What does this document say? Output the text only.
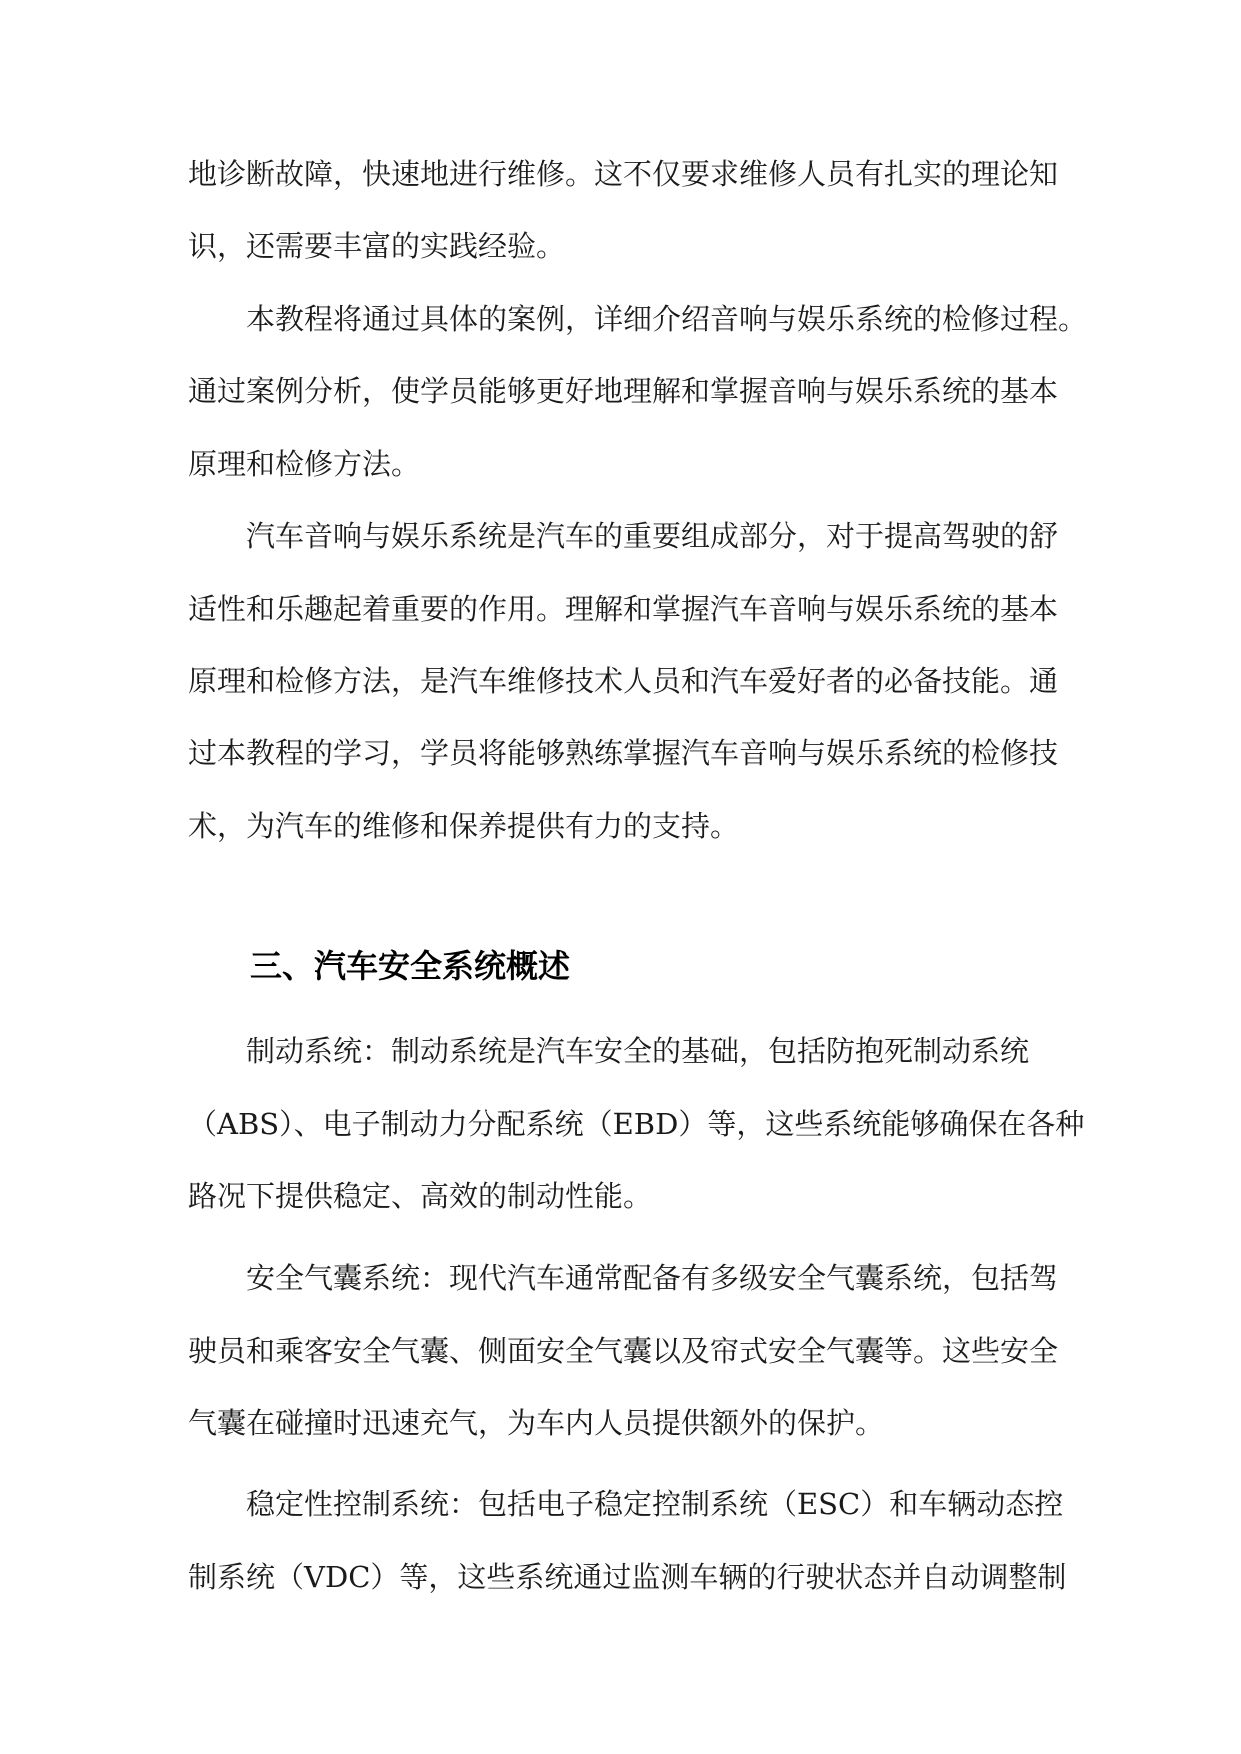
地诊断故障，快速地进行维修。这不仅要求维修人员有扎实的理论知
识，还需要丰富的实践经验。
　　本教程将通过具体的案例，详细介绍音响与娱乐系统的检修过程。
通过案例分析，使学员能够更好地理解和掌握音响与娱乐系统的基本
原理和检修方法。
　　汽车音响与娱乐系统是汽车的重要组成部分，对于提高驾驶的舒
适性和乐趣起着重要的作用。理解和掌握汽车音响与娱乐系统的基本
原理和检修方法，是汽车维修技术人员和汽车爱好者的必备技能。通
过本教程的学习，学员将能够熟练掌握汽车音响与娱乐系统的检修技
术，为汽车的维修和保养提供有力的支持。
三、汽车安全系统概述
　　制动系统：制动系统是汽车安全的基础，包括防抱死制动系统
（ABS）、电子制动力分配系统（EBD）等，这些系统能够确保在各种
路况下提供稳定、高效的制动性能。
　　安全气囊系统：现代汽车通常配备有多级安全气囊系统，包括驾
驶员和乘客安全气囊、侧面安全气囊以及帘式安全气囊等。这些安全
气囊在碰撞时迅速充气，为车内人员提供额外的保护。
　　稳定性控制系统：包括电子稳定控制系统（ESC）和车辆动态控
制系统（VDC）等，这些系统通过监测车辆的行驶状态并自动调整制
